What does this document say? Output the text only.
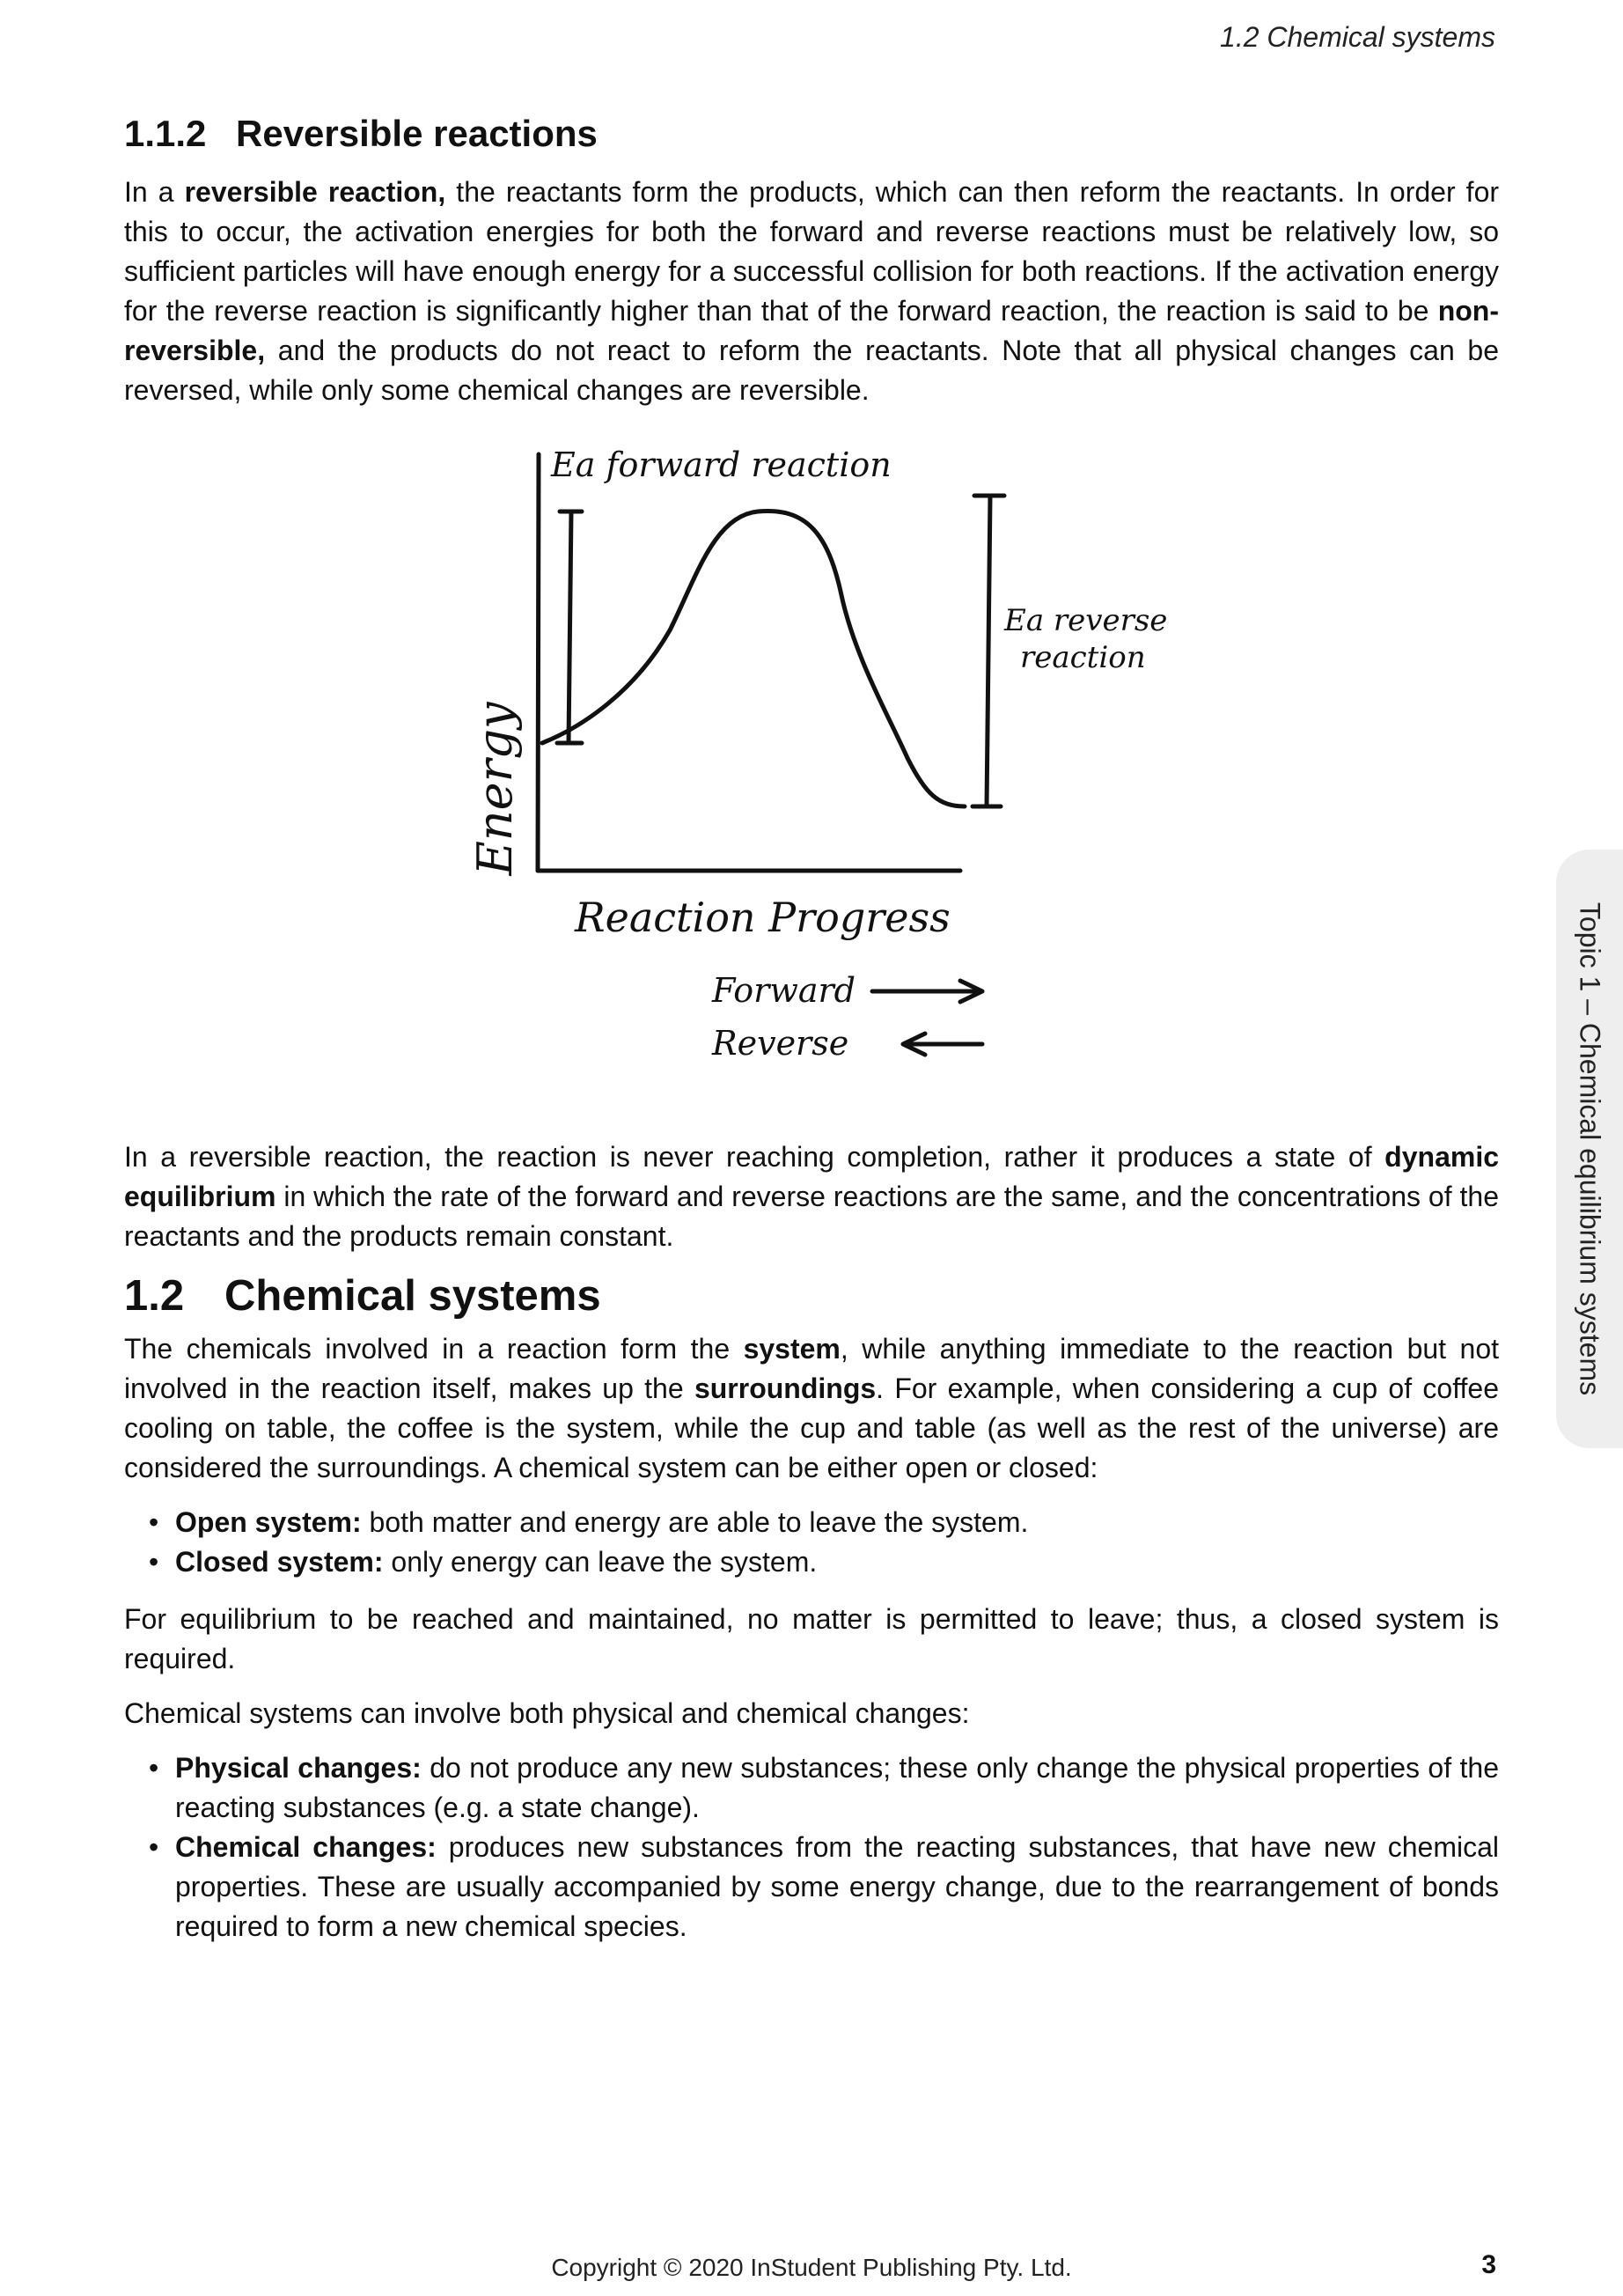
1.2 Chemical systems
1.1.2 Reversible reactions

In a reversible reaction, the reactants form the products, which can then reform the reactants. In order for this to occur, the activation energies for both the forward and reverse reactions must be relatively low, so sufficient particles will have enough energy for a successful collision for both reactions. If the activation energy for the reverse reaction is significantly higher than that of the forward reaction, the reaction is said to be non-reversible, and the products do not react to reform the reactants. Note that all physical changes can be reversed, while only some chemical changes are reversible.

Ea forward reaction
Ea reverse
reaction
Energy
Reaction Progress
Forward
Reverse

In a reversible reaction, the reaction is never reaching completion, rather it produces a state of dynamic equilibrium in which the rate of the forward and reverse reactions are the same, and the concentrations of the reactants and the products remain constant.

1.2 Chemical systems

The chemicals involved in a reaction form the system, while anything immediate to the reaction but not involved in the reaction itself, makes up the surroundings. For example, when considering a cup of coffee cooling on table, the coffee is the system, while the cup and table (as well as the rest of the universe) are considered the surroundings. A chemical system can be either open or closed:

• Open system: both matter and energy are able to leave the system.
• Closed system: only energy can leave the system.

For equilibrium to be reached and maintained, no matter is permitted to leave; thus, a closed system is required.

Chemical systems can involve both physical and chemical changes:

• Physical changes: do not produce any new substances; these only change the physical properties of the reacting substances (e.g. a state change).
• Chemical changes: produces new substances from the reacting substances, that have new chemical properties. These are usually accompanied by some energy change, due to the rearrangement of bonds required to form a new chemical species.
Topic 1 – Chemical equilibrium systems
Copyright © 2020 InStudent Publishing Pty. Ltd.	3
